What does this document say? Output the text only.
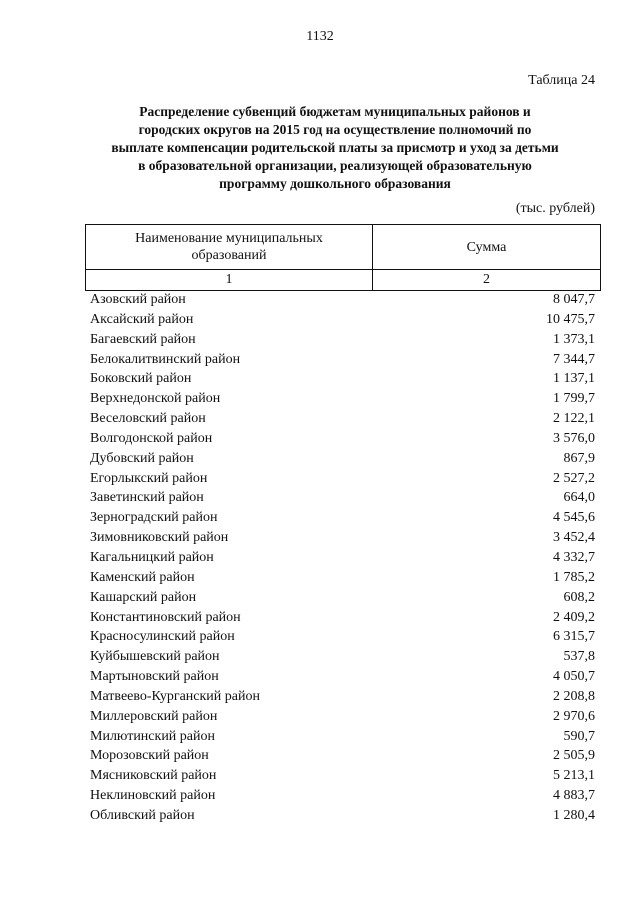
1132
Таблица 24
Распределение субвенций бюджетам муниципальных районов и
городских округов на 2015 год на осуществление полномочий по
выплате компенсации родительской платы за присмотр и уход за детьми
в образовательной организации, реализующей образовательную
программу дошкольного образования
(тыс. рублей)
Наименование муниципальных
образований	Сумма
1	2
Азовский район	8 047,7
Аксайский район	10 475,7
Багаевский район	1 373,1
Белокалитвинский район	7 344,7
Боковский район	1 137,1
Верхнедонской район	1 799,7
Веселовский район	2 122,1
Волгодонской район	3 576,0
Дубовский район	867,9
Егорлыкский район	2 527,2
Заветинский район	664,0
Зерноградский район	4 545,6
Зимовниковский район	3 452,4
Кагальницкий район	4 332,7
Каменский район	1 785,2
Кашарский район	608,2
Константиновский район	2 409,2
Красносулинский район	6 315,7
Куйбышевский район	537,8
Мартыновский район	4 050,7
Матвеево-Курганский район	2 208,8
Миллеровский район	2 970,6
Милютинский район	590,7
Морозовский район	2 505,9
Мясниковский район	5 213,1
Неклиновский район	4 883,7
Обливский район	1 280,4
